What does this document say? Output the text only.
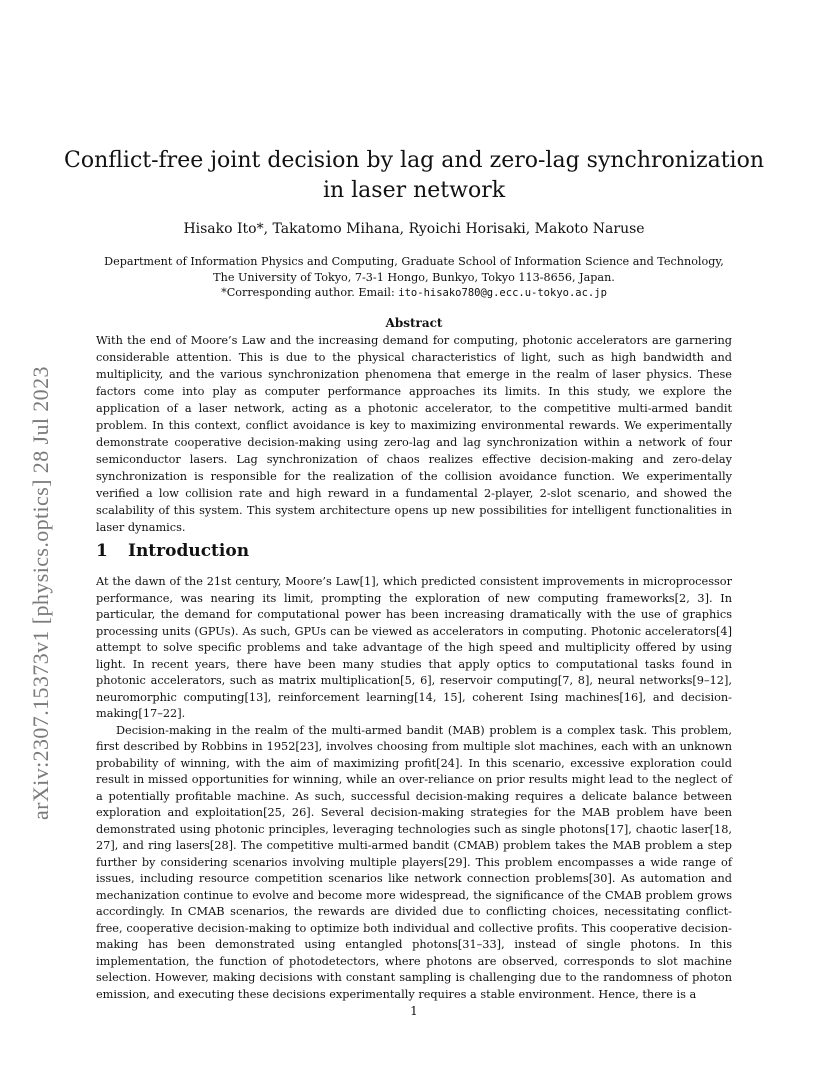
arXiv:2307.15373v1 [physics.optics] 28 Jul 2023
Conflict-free joint decision by lag and zero-lag synchronization in laser network
Hisako Ito*, Takatomo Mihana, Ryoichi Horisaki, Makoto Naruse
Department of Information Physics and Computing, Graduate School of Information Science and Technology,
The University of Tokyo, 7-3-1 Hongo, Bunkyo, Tokyo 113-8656, Japan.
*Corresponding author. Email: ito-hisako780@g.ecc.u-tokyo.ac.jp
Abstract

With the end of Moore’s Law and the increasing demand for computing, photonic accelerators are garnering considerable attention. This is due to the physical characteristics of light, such as high bandwidth and multiplicity, and the various synchronization phenomena that emerge in the realm of laser physics. These factors come into play as computer performance approaches its limits. In this study, we explore the application of a laser network, acting as a photonic accelerator, to the competitive multi-armed bandit problem. In this context, conflict avoidance is key to maximizing environmental rewards. We experimentally demonstrate cooperative decision-making using zero-lag and lag synchronization within a network of four semiconductor lasers. Lag synchronization of chaos realizes effective decision-making and zero-delay synchronization is responsible for the realization of the collision avoidance function. We experimentally verified a low collision rate and high reward in a fundamental 2-player, 2-slot scenario, and showed the scalability of this system. This system architecture opens up new possibilities for intelligent functionalities in laser dynamics.

1 Introduction

At the dawn of the 21st century, Moore’s Law[1], which predicted consistent improvements in microprocessor performance, was nearing its limit, prompting the exploration of new computing frameworks[2, 3]. In particular, the demand for computational power has been increasing dramatically with the use of graphics processing units (GPUs). As such, GPUs can be viewed as accelerators in computing. Photonic accelerators[4] attempt to solve specific problems and take advantage of the high speed and multiplicity offered by using light. In recent years, there have been many studies that apply optics to computational tasks found in photonic accelerators, such as matrix multiplication[5, 6], reservoir computing[7, 8], neural networks[9–12], neuromorphic computing[13], reinforcement learning[14, 15], coherent Ising machines[16], and decision-making[17–22].

Decision-making in the realm of the multi-armed bandit (MAB) problem is a complex task. This problem, first described by Robbins in 1952[23], involves choosing from multiple slot machines, each with an unknown probability of winning, with the aim of maximizing profit[24]. In this scenario, excessive exploration could result in missed opportunities for winning, while an over-reliance on prior results might lead to the neglect of a potentially profitable machine. As such, successful decision-making requires a delicate balance between exploration and exploitation[25, 26]. Several decision-making strategies for the MAB problem have been demonstrated using photonic principles, leveraging technologies such as single photons[17], chaotic laser[18, 27], and ring lasers[28]. The competitive multi-armed bandit (CMAB) problem takes the MAB problem a step further by considering scenarios involving multiple players[29]. This problem encompasses a wide range of issues, including resource competition scenarios like network connection problems[30]. As automation and mechanization continue to evolve and become more widespread, the significance of the CMAB problem grows accordingly. In CMAB scenarios, the rewards are divided due to conflicting choices, necessitating conflict-free, cooperative decision-making to optimize both individual and collective profits. This cooperative decision-making has been demonstrated using entangled photons[31–33], instead of single photons. In this implementation, the function of photodetectors, where photons are observed, corresponds to slot machine selection. However, making decisions with constant sampling is challenging due to the randomness of photon emission, and executing these decisions experimentally requires a stable environment. Hence, there is a

1
